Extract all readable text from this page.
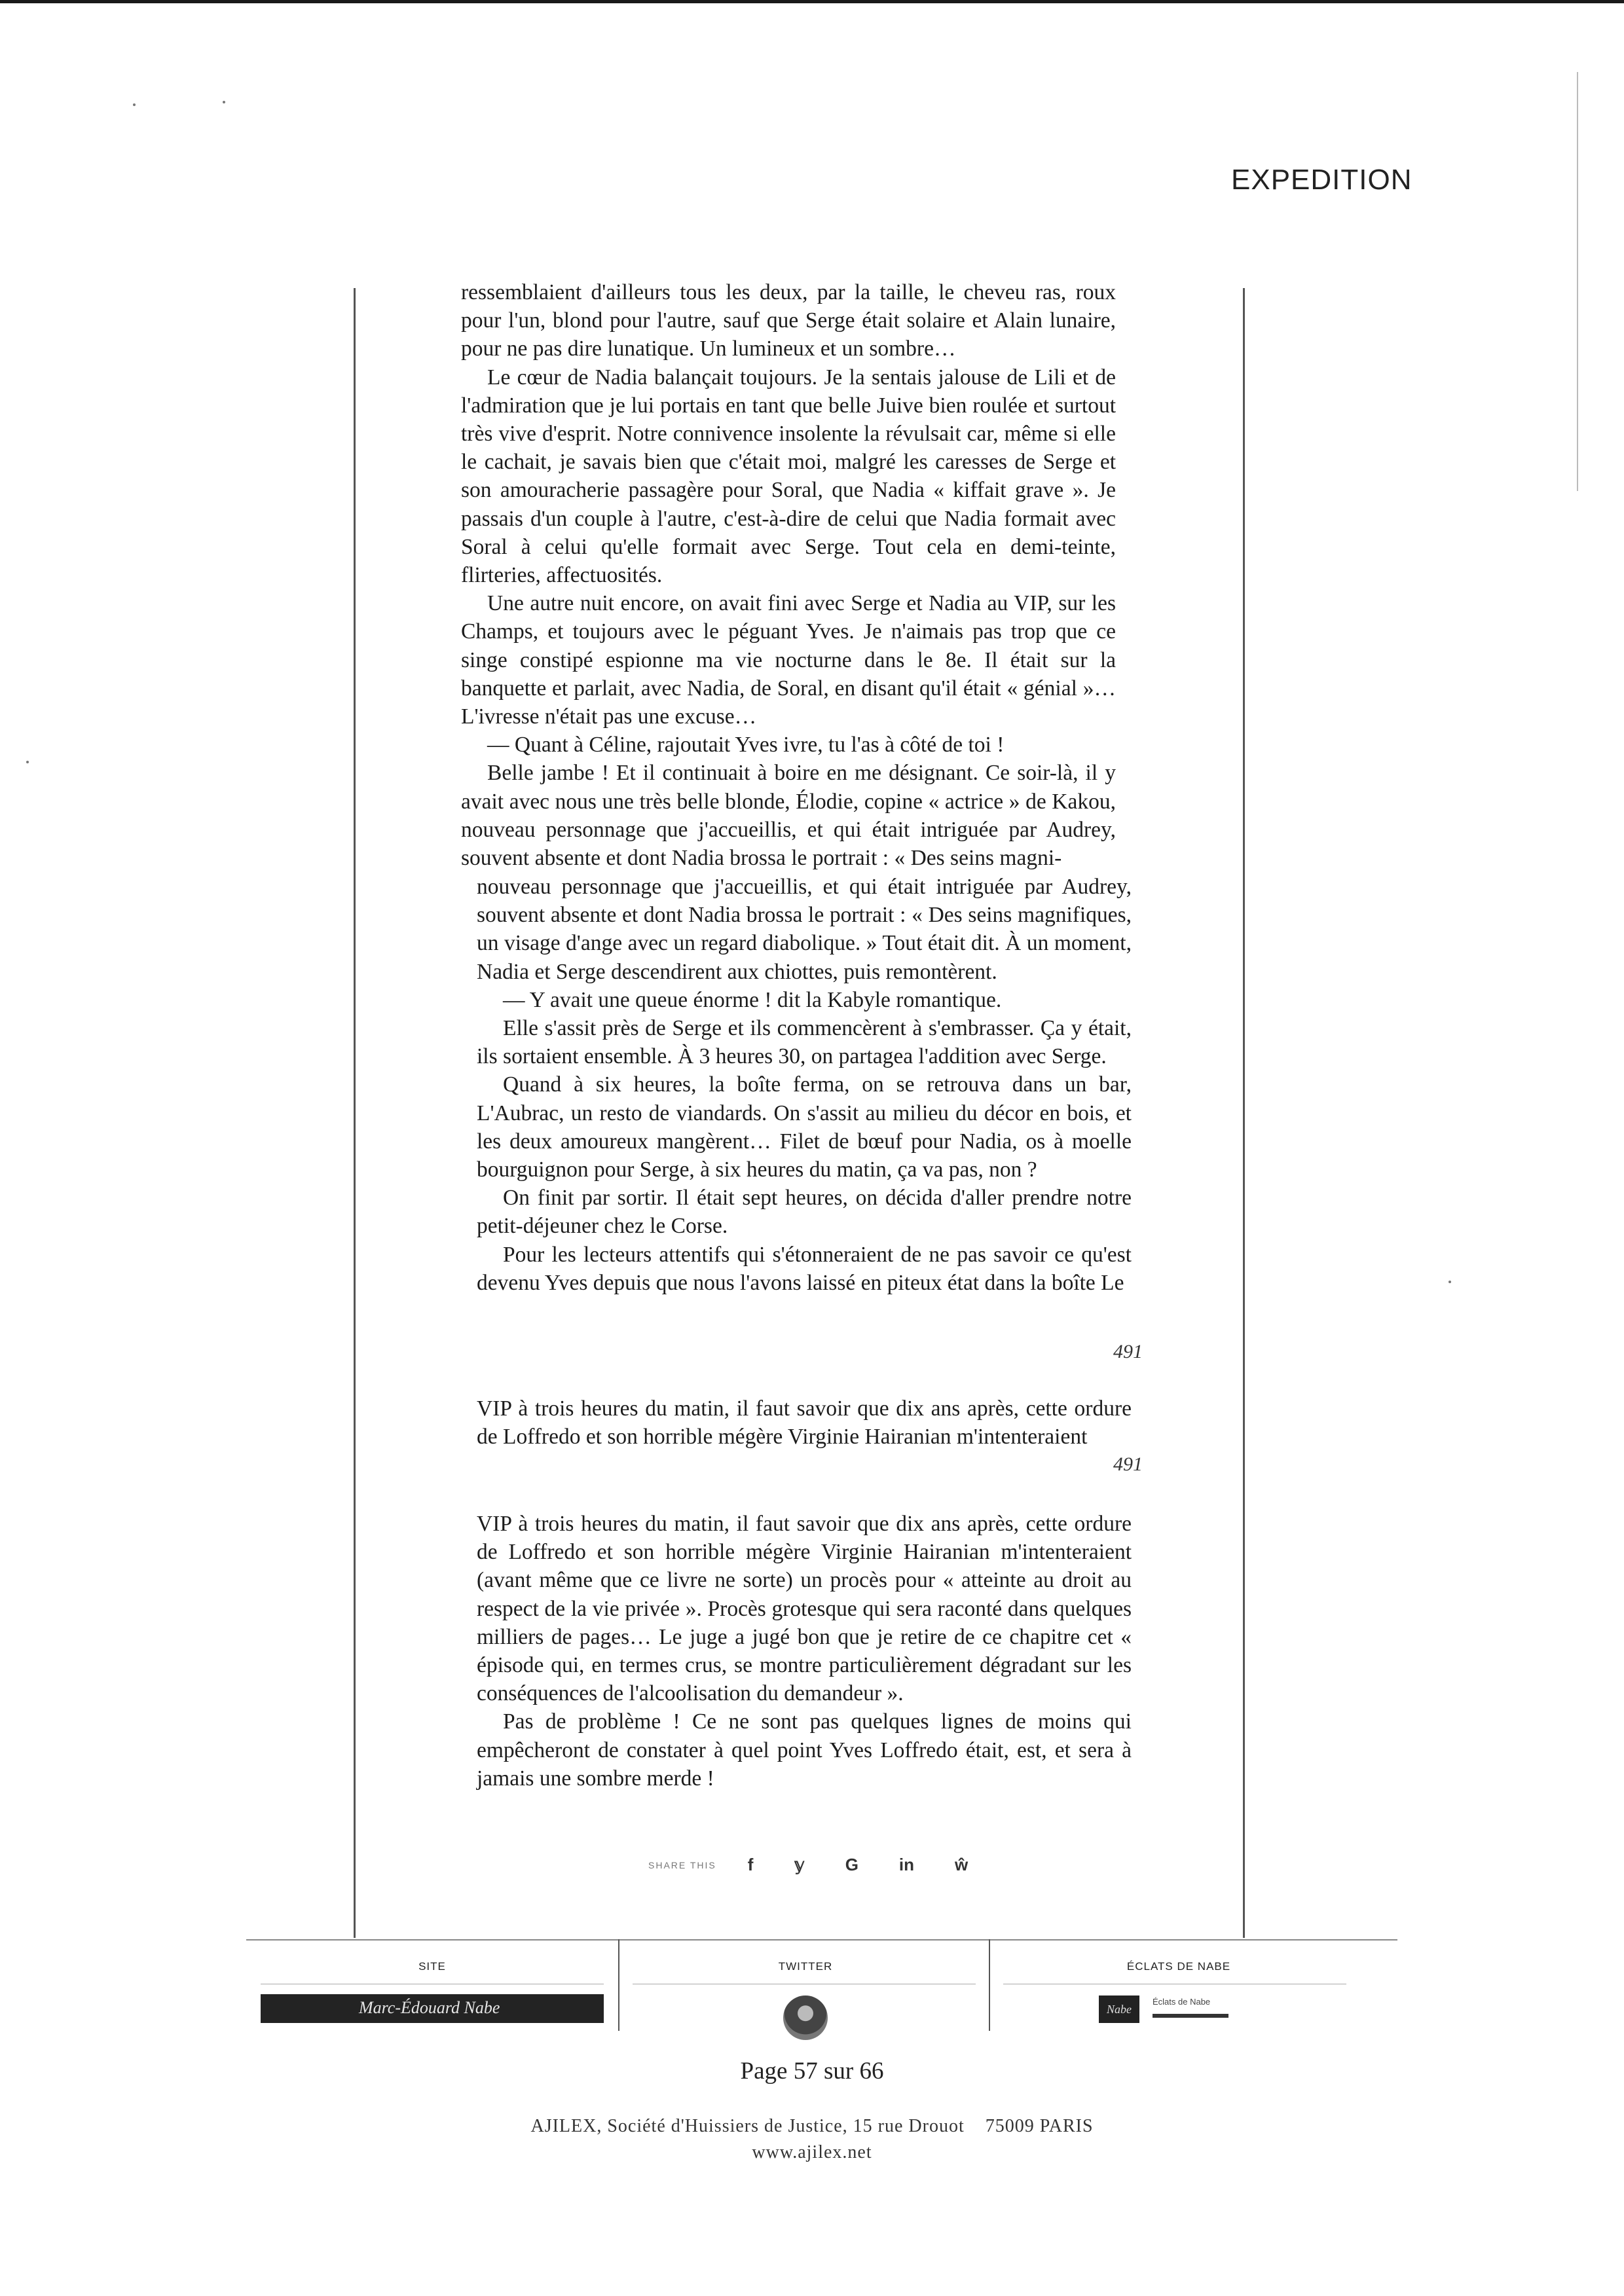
EXPEDITION

ressemblaient d'ailleurs tous les deux, par la taille, le cheveu ras, roux pour l'un, blond pour l'autre, sauf que Serge était solaire et Alain lunaire, pour ne pas dire lunatique. Un lumineux et un sombre…

Le cœur de Nadia balançait toujours. Je la sentais jalouse de Lili et de l'admiration que je lui portais en tant que belle Juive bien roulée et surtout très vive d'esprit. Notre connivence insolente la révulsait car, même si elle le cachait, je savais bien que c'était moi, malgré les caresses de Serge et son amouracherie passagère pour Soral, que Nadia « kiffait grave ». Je passais d'un couple à l'autre, c'est-à-dire de celui que Nadia formait avec Soral à celui qu'elle formait avec Serge. Tout cela en demi-teinte, flirteries, affectuosités.

Une autre nuit encore, on avait fini avec Serge et Nadia au VIP, sur les Champs, et toujours avec le péguant Yves. Je n'aimais pas trop que ce singe constipé espionne ma vie nocturne dans le 8e. Il était sur la banquette et parlait, avec Nadia, de Soral, en disant qu'il était « génial »… L'ivresse n'était pas une excuse…

— Quant à Céline, rajoutait Yves ivre, tu l'as à côté de toi !

Belle jambe ! Et il continuait à boire en me désignant. Ce soir-là, il y avait avec nous une très belle blonde, Élodie, copine « actrice » de Kakou, nouveau personnage que j'accueillis, et qui était intriguée par Audrey, souvent absente et dont Nadia brossa le portrait : « Des seins magni-

nouveau personnage que j'accueillis, et qui était intriguée par Audrey, souvent absente et dont Nadia brossa le portrait : « Des seins magnifiques, un visage d'ange avec un regard diabolique. » Tout était dit. À un moment, Nadia et Serge descendirent aux chiottes, puis remontèrent.

— Y avait une queue énorme ! dit la Kabyle romantique.

Elle s'assit près de Serge et ils commencèrent à s'embrasser. Ça y était, ils sortaient ensemble. À 3 heures 30, on partagea l'addition avec Serge.

Quand à six heures, la boîte ferma, on se retrouva dans un bar, L'Aubrac, un resto de viandards. On s'assit au milieu du décor en bois, et les deux amoureux mangèrent… Filet de bœuf pour Nadia, os à moelle bourguignon pour Serge, à six heures du matin, ça va pas, non ?

On finit par sortir. Il était sept heures, on décida d'aller prendre notre petit-déjeuner chez le Corse.

Pour les lecteurs attentifs qui s'étonneraient de ne pas savoir ce qu'est devenu Yves depuis que nous l'avons laissé en piteux état dans la boîte Le

491

VIP à trois heures du matin, il faut savoir que dix ans après, cette ordure de Loffredo et son horrible mégère Virginie Hairanian m'intenteraient

491

VIP à trois heures du matin, il faut savoir que dix ans après, cette ordure de Loffredo et son horrible mégère Virginie Hairanian m'intenteraient (avant même que ce livre ne sorte) un procès pour « atteinte au droit au respect de la vie privée ». Procès grotesque qui sera raconté dans quelques milliers de pages… Le juge a jugé bon que je retire de ce chapitre cet « épisode qui, en termes crus, se montre particulièrement dégradant sur les conséquences de l'alcoolisation du demandeur ».

Pas de problème ! Ce ne sont pas quelques lignes de moins qui empêcheront de constater à quel point Yves Loffredo était, est, et sera à jamais une sombre merde !

SHARE THIS f 𝕪 G in ŵ
SITE	TWITTER	ÉCLATS DE NABE
Marc-Édouard Nabe	Nabe
Éclats de Nabe
Page 57 sur 66
AJILEX, Société d'Huissiers de Justice, 15 rue Drouot    75009 PARIS
www.ajilex.net
